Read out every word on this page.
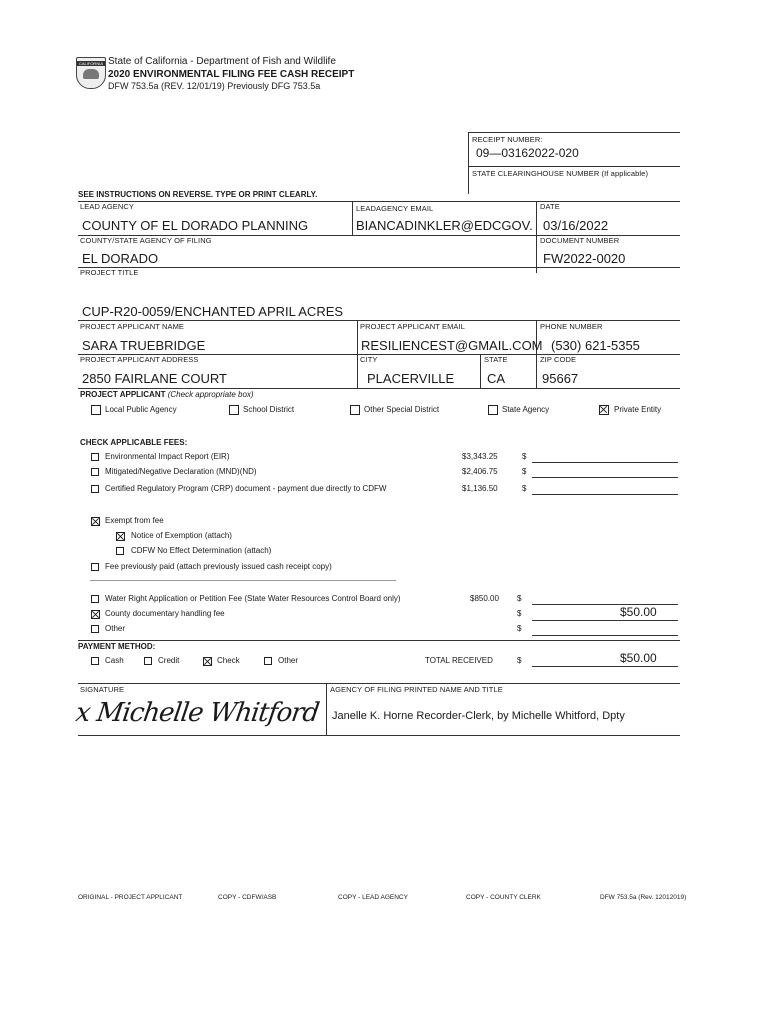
CALIFORNIA State of California - Department of Fish and Wildlife
2020 ENVIRONMENTAL FILING FEE CASH RECEIPT
DFW 753.5a (REV. 12/01/19) Previously DFG 753.5a
RECEIPT NUMBER:
09—03162022-020
STATE CLEARINGHOUSE NUMBER (If applicable)
SEE INSTRUCTIONS ON REVERSE. TYPE OR PRINT CLEARLY.
LEAD AGENCY	LEADAGENCY EMAIL	DATE
COUNTY OF EL DORADO PLANNING	BIANCADINKLER@EDCGOV. 03/16/2022
COUNTY/STATE AGENCY OF FILING	DOCUMENT NUMBER
EL DORADO	FW2022-0020
PROJECT TITLE
CUP-R20-0059/ENCHANTED APRIL ACRES
PROJECT APPLICANT NAME	PROJECT APPLICANT EMAIL	PHONE NUMBER
SARA TRUEBRIDGE	RESILIENCEST@GMAIL.COM (530) 621-5355
PROJECT APPLICANT ADDRESS	CITY	STATE	ZIP CODE
2850 FAIRLANE COURT	PLACERVILLE	CA	95667
PROJECT APPLICANT (Check appropriate box)
Local Public Agency	School District	Other Special District	State Agency	Private Entity
CHECK APPLICABLE FEES:
Environmental Impact Report (EIR)	$3,343.25	$
Mitigated/Negative Declaration (MND)(ND)	$2,406.75	$
Certified Regulatory Program (CRP) document - payment due directly to CDFW	$1,136.50	$
Exempt from fee
Notice of Exemption (attach)
CDFW No Effect Determination (attach)
Fee previously paid (attach previously issued cash receipt copy)
Water Right Application or Petition Fee (State Water Resources Control Board only)	$850.00 $
County documentary handling fee	$	$50.00
Other	$
PAYMENT METHOD:
Cash	Credit	Check	Other	TOTAL RECEIVED	$	$50.00
SIGNATURE	AGENCY OF FILING PRINTED NAME AND TITLE
x Michelle Whitford Janelle K. Horne Recorder-Clerk, by Michelle Whitford, Dpty
ORIGINAL - PROJECT APPLICANT	COPY - CDFW/ASB	COPY - LEAD AGENCY	COPY - COUNTY CLERK	DFW 753.5a (Rev. 12012019)
